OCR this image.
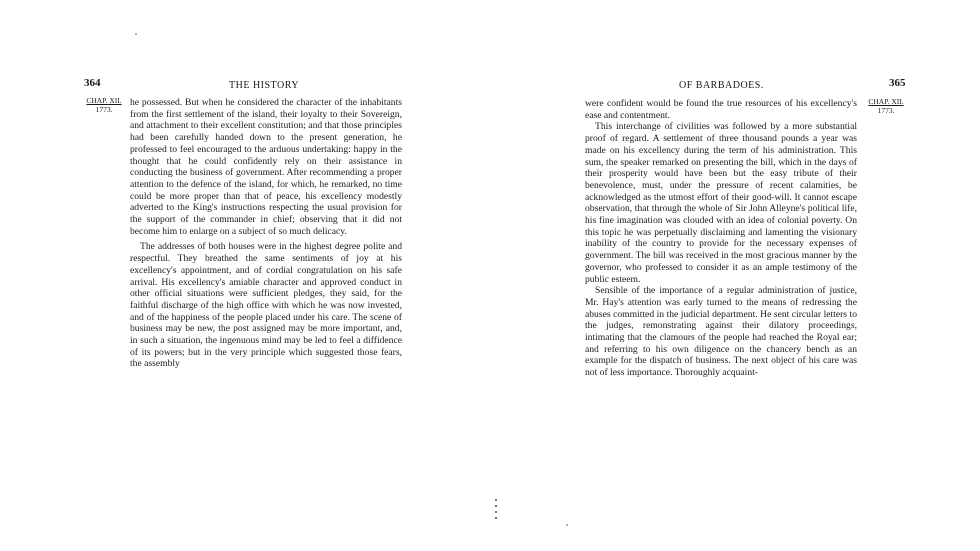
364	THE HISTORY
CHAP. XII.
1773.

he possessed. But when he considered the character of the inhabitants from the first settlement of the island, their loyalty to their Sovereign, and attachment to their excellent constitution; and that those principles had been carefully handed down to the present generation, he professed to feel encouraged to the arduous undertaking: happy in the thought that he could confidently rely on their assistance in conducting the business of government. After recommending a proper attention to the defence of the island, for which, he remarked, no time could be more proper than that of peace, his excellency modestly adverted to the King's instructions respecting the usual provision for the support of the commander in chief; observing that it did not become him to enlarge on a subject of so much delicacy.

The addresses of both houses were in the highest degree polite and respectful. They breathed the same sentiments of joy at his excellency's appointment, and of cordial congratulation on his safe arrival. His excellency's amiable character and approved conduct in other official situations were sufficient pledges, they said, for the faithful discharge of the high office with which he was now invested, and of the happiness of the people placed under his care. The scene of business may be new, the post assigned may be more important, and, in such a situation, the ingenuous mind may be led to feel a diffidence of its powers; but in the very principle which suggested those fears, the assembly

OF BARBADOES.	365
CHAP. XII.
1773.

were confident would be found the true resources of his excellency's ease and contentment.

This interchange of civilities was followed by a more substantial proof of regard. A settlement of three thousand pounds a year was made on his excellency during the term of his administration. This sum, the speaker remarked on presenting the bill, which in the days of their prosperity would have been but the easy tribute of their benevolence, must, under the pressure of recent calamities, be acknowledged as the utmost effort of their good-will. It cannot escape observation, that through the whole of Sir John Alleyne's political life, his fine imagination was clouded with an idea of colonial poverty. On this topic he was perpetually disclaiming and lamenting the visionary inability of the country to provide for the necessary expenses of government. The bill was received in the most gracious manner by the governor, who professed to consider it as an ample testimony of the public esteem.

Sensible of the importance of a regular administration of justice, Mr. Hay's attention was early turned to the means of redressing the abuses committed in the judicial department. He sent circular letters to the judges, remonstrating against their dilatory proceedings, intimating that the clamours of the people had reached the Royal ear; and referring to his own diligence on the chancery bench as an example for the dispatch of business. The next object of his care was not of less importance. Thoroughly acquaint-
